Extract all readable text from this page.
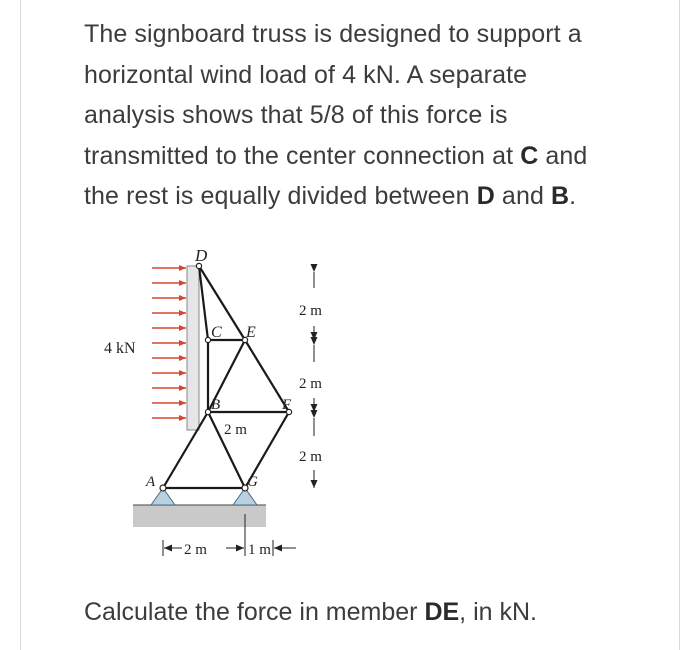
The signboard truss is designed to support a
horizontal wind load of 4 kN. A separate
analysis shows that 5/8 of this force is
transmitted to the center connection at C and
the rest is equally divided between D and B.
D
C E
B	F
A	G
4 kN
2 m
2 m
2 m
2 m
2 m	1 m
Calculate the force in member DE, in kN.
